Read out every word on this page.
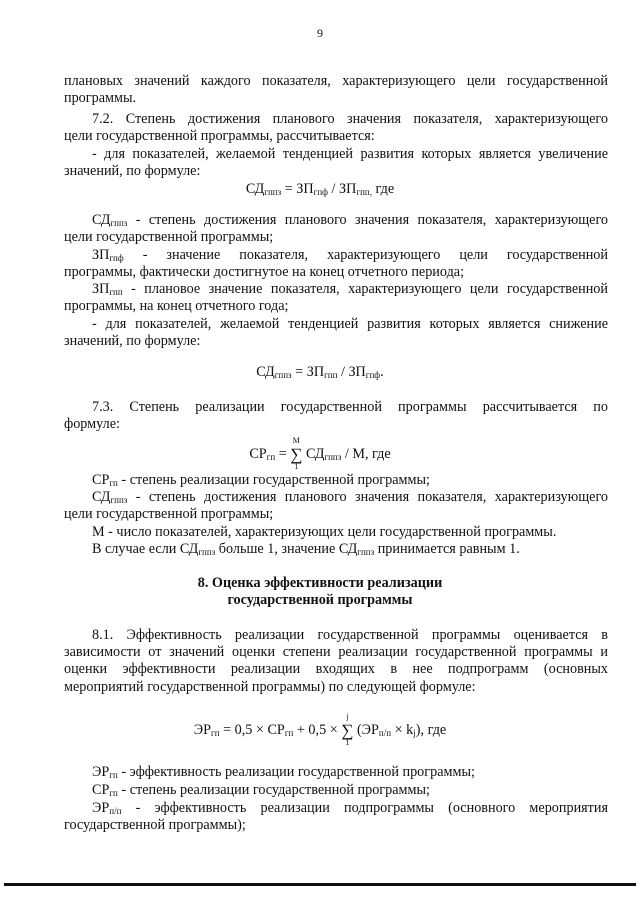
9
плановых значений каждого показателя, характеризующего цели государственной
программы.
7.2. Степень достижения планового значения показателя, характеризующего
цели государственной программы, рассчитывается:
- для показателей, желаемой тенденцией развития которых является увеличение
значений, по формуле:
$СД_{гппз} = ЗП_{гпф} / ЗП_{гпп,}$ где
$СД_{гппз}$ - степень достижения планового значения показателя, характеризующего
цели государственной программы;
$ЗП_{гпф}$ - значение показателя, характеризующего цели государственной
программы, фактически достигнутое на конец отчетного периода;
$ЗП_{гпп}$ - плановое значение показателя, характеризующего цели государственной
программы, на конец отчетного года;
- для показателей, желаемой тенденцией развития которых является снижение
значений, по формуле:
$СД_{гппз} = ЗП_{гпп} / ЗП_{гпф}$.
7.3. Степень реализации государственной программы рассчитывается по
формуле:
$СР_{гп}$ = ∑
М
1
$СД_{гппз}$ / М, где
$СР_{гп}$ - степень реализации государственной программы;
$СД_{гппз}$ - степень достижения планового значения показателя, характеризующего
цели государственной программы;
М - число показателей, характеризующих цели государственной программы.
В случае если $СД_{гппз}$ больше 1, значение $СД_{гппз}$ принимается равным 1.
8. Оценка эффективности реализации
государственной программы
8.1. Эффективность реализации государственной программы оценивается в
зависимости от значений оценки степени реализации государственной программы и
оценки эффективности реализации входящих в нее подпрограмм (основных
мероприятий государственной программы) по следующей формуле:
$ЭР_{гп} = 0,5 \times СР_{гп} + 0,5$ × ∑
j
1
$(ЭР_{п/п} \times k_j)$, где
$ЭР_{гп}$ - эффективность реализации государственной программы;
$СР_{гп}$ - степень реализации государственной программы;
$ЭР_{п/п}$ - эффективность реализации подпрограммы (основного мероприятия
государственной программы);
